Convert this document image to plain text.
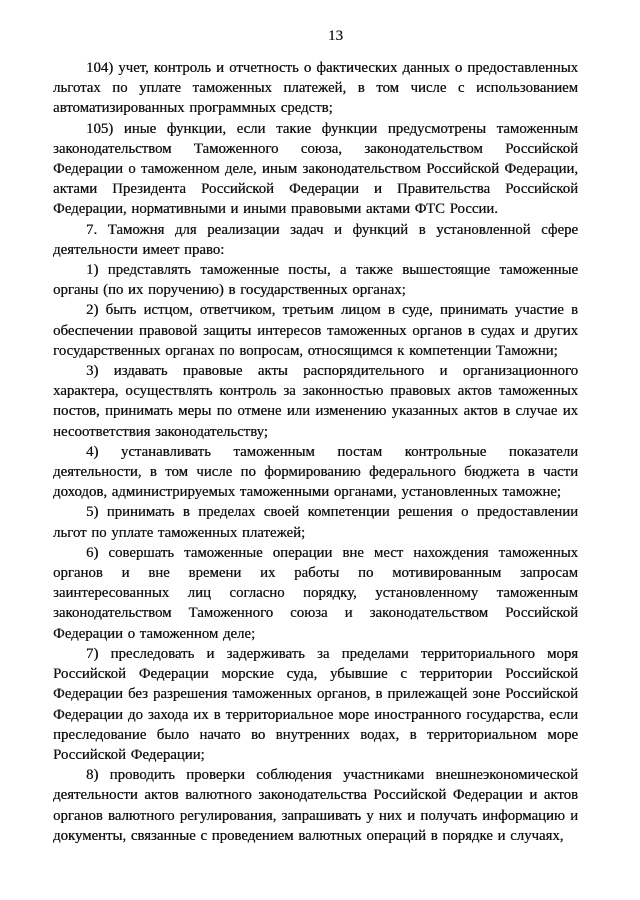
13

104) учет, контроль и отчетность о фактических данных о предоставленных льготах по уплате таможенных платежей, в том числе с использованием автоматизированных программных средств;

105) иные функции, если такие функции предусмотрены таможенным законодательством Таможенного союза, законодательством Российской Федерации о таможенном деле, иным законодательством Российской Федерации, актами Президента Российской Федерации и Правительства Российской Федерации, нормативными и иными правовыми актами ФТС России.

7. Таможня для реализации задач и функций в установленной сфере деятельности имеет право:

1) представлять таможенные посты, а также вышестоящие таможенные органы (по их поручению) в государственных органах;

2) быть истцом, ответчиком, третьим лицом в суде, принимать участие в обеспечении правовой защиты интересов таможенных органов в судах и других государственных органах по вопросам, относящимся к компетенции Таможни;

3) издавать правовые акты распорядительного и организационного характера, осуществлять контроль за законностью правовых актов таможенных постов, принимать меры по отмене или изменению указанных актов в случае их несоответствия законодательству;

4) устанавливать таможенным постам контрольные показатели деятельности, в том числе по формированию федерального бюджета в части доходов, администрируемых таможенными органами, установленных таможне;

5) принимать в пределах своей компетенции решения о предоставлении льгот по уплате таможенных платежей;

6) совершать таможенные операции вне мест нахождения таможенных органов и вне времени их работы по мотивированным запросам заинтересованных лиц согласно порядку, установленному таможенным законодательством Таможенного союза и законодательством Российской Федерации о таможенном деле;

7) преследовать и задерживать за пределами территориального моря Российской Федерации морские суда, убывшие с территории Российской Федерации без разрешения таможенных органов, в прилежащей зоне Российской Федерации до захода их в территориальное море иностранного государства, если преследование было начато во внутренних водах, в территориальном море Российской Федерации;

8) проводить проверки соблюдения участниками внешнеэкономической деятельности актов валютного законодательства Российской Федерации и актов органов валютного регулирования, запрашивать у них и получать информацию и документы, связанные с проведением валютных операций в порядке и случаях,
